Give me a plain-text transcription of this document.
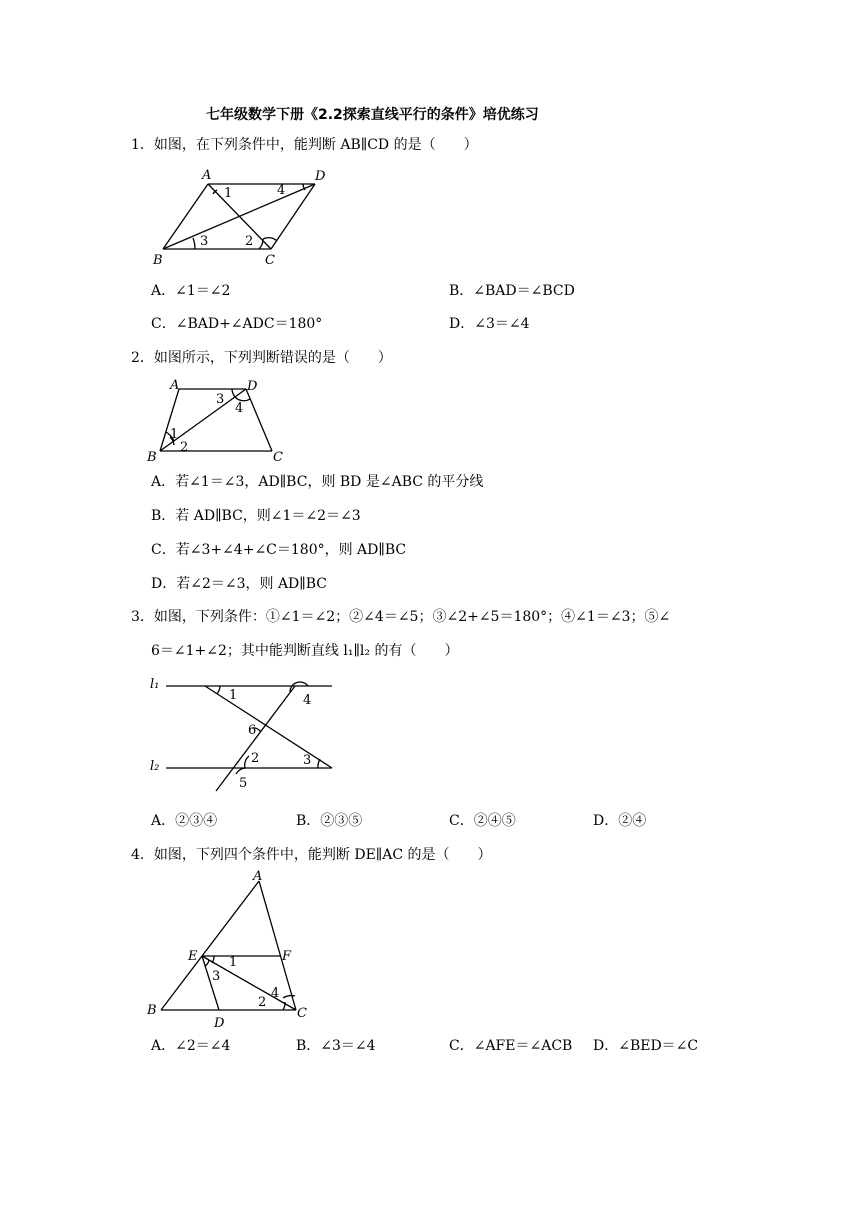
七年级数学下册《2.2探索直线平行的条件》培优练习
1．如图，在下列条件中，能判断 AB∥CD 的是（　　）
A	D
B	C
1	4
3	2
A．∠1＝∠2	B．∠BAD＝∠BCD
C．∠BAD+∠ADC＝180°	D．∠3＝∠4
2．如图所示，下列判断错误的是（　　）
A	D
B	C
1
2
3
4
A．若∠1＝∠3，AD∥BC，则 BD 是∠ABC 的平分线
B．若 AD∥BC，则∠1＝∠2＝∠3
C．若∠3+∠4+∠C＝180°，则 AD∥BC
D．若∠2＝∠3，则 AD∥BC
3．如图，下列条件：①∠1＝∠2；②∠4＝∠5；③∠2+∠5＝180°；④∠1＝∠3；⑤∠
6＝∠1+∠2；其中能判断直线 l₁∥l₂ 的有（　　）
l₁
l₂
1	4
6
2	3
5
A．②③④	B．②③⑤	C．②④⑤	D．②④
4．如图，下列四个条件中，能判断 DE∥AC 的是（　　）
A
E	F
B
D
C
1
3
4
2
A．∠2＝∠4	B．∠3＝∠4	C．∠AFE＝∠ACB D．∠BED＝∠C
